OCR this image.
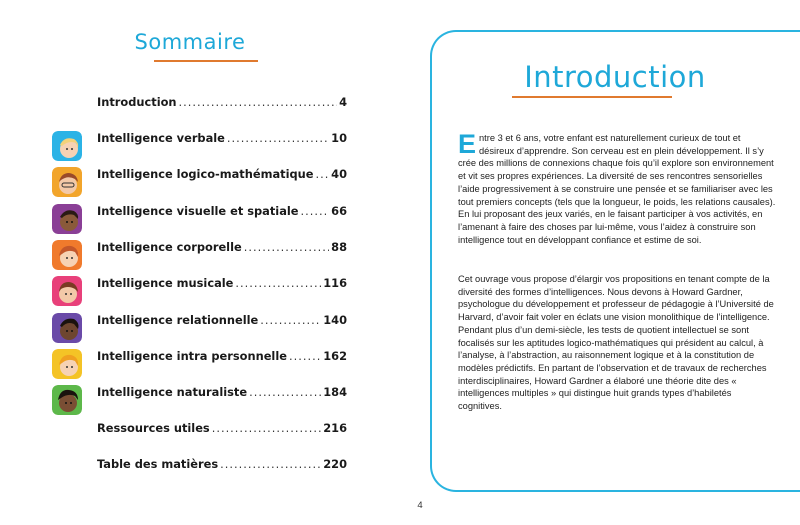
Sommaire
Introduction .....	4
Intelligence verbale .....	10
Intelligence logico-mathématique ..... 40
Intelligence visuelle et spatiale .....	66
Intelligence corporelle .....	88
Intelligence musicale .....	116
Intelligence relationnelle .....	140
Intelligence intra personnelle .....	162
Intelligence naturaliste .....	184
Ressources utiles .....	216
Table des matières .....	220
Introduction

Entre 3 et 6 ans, votre enfant est naturellement curieux de tout et désireux d’apprendre. Son cerveau est en plein développement. Il s’y crée des millions de connexions chaque fois qu’il explore son environnement et vit ses propres expériences. La diversité de ses rencontres sensorielles l’aide progressivement à se construire une pensée et se familiariser avec les tout premiers concepts (tels que la longueur, le poids, les relations causales).

En lui proposant des jeux variés, en le faisant participer à vos activités, en l’amenant à faire des choses par lui-même, vous l’aidez à construire son intelligence tout en développant confiance et estime de soi.

Cet ouvrage vous propose d’élargir vos propositions en tenant compte de la diversité des formes d’intelligences. Nous devons à Howard Gardner, psychologue du développement et professeur de pédagogie à l’Université de Harvard, d’avoir fait voler en éclats une vision monolithique de l’intelligence. Pendant plus d’un demi-siècle, les tests de quotient intellectuel se sont focalisés sur les aptitudes logico-mathématiques qui président au calcul, à l’analyse, à l’abstraction, au raisonnement logique et à la constitution de modèles prédictifs. En partant de l’observation et de travaux de recherches interdisciplinaires, Howard Gardner a élaboré une théorie dite des « intelligences multiples » qui distingue huit grands types d’habiletés cognitives.

4
